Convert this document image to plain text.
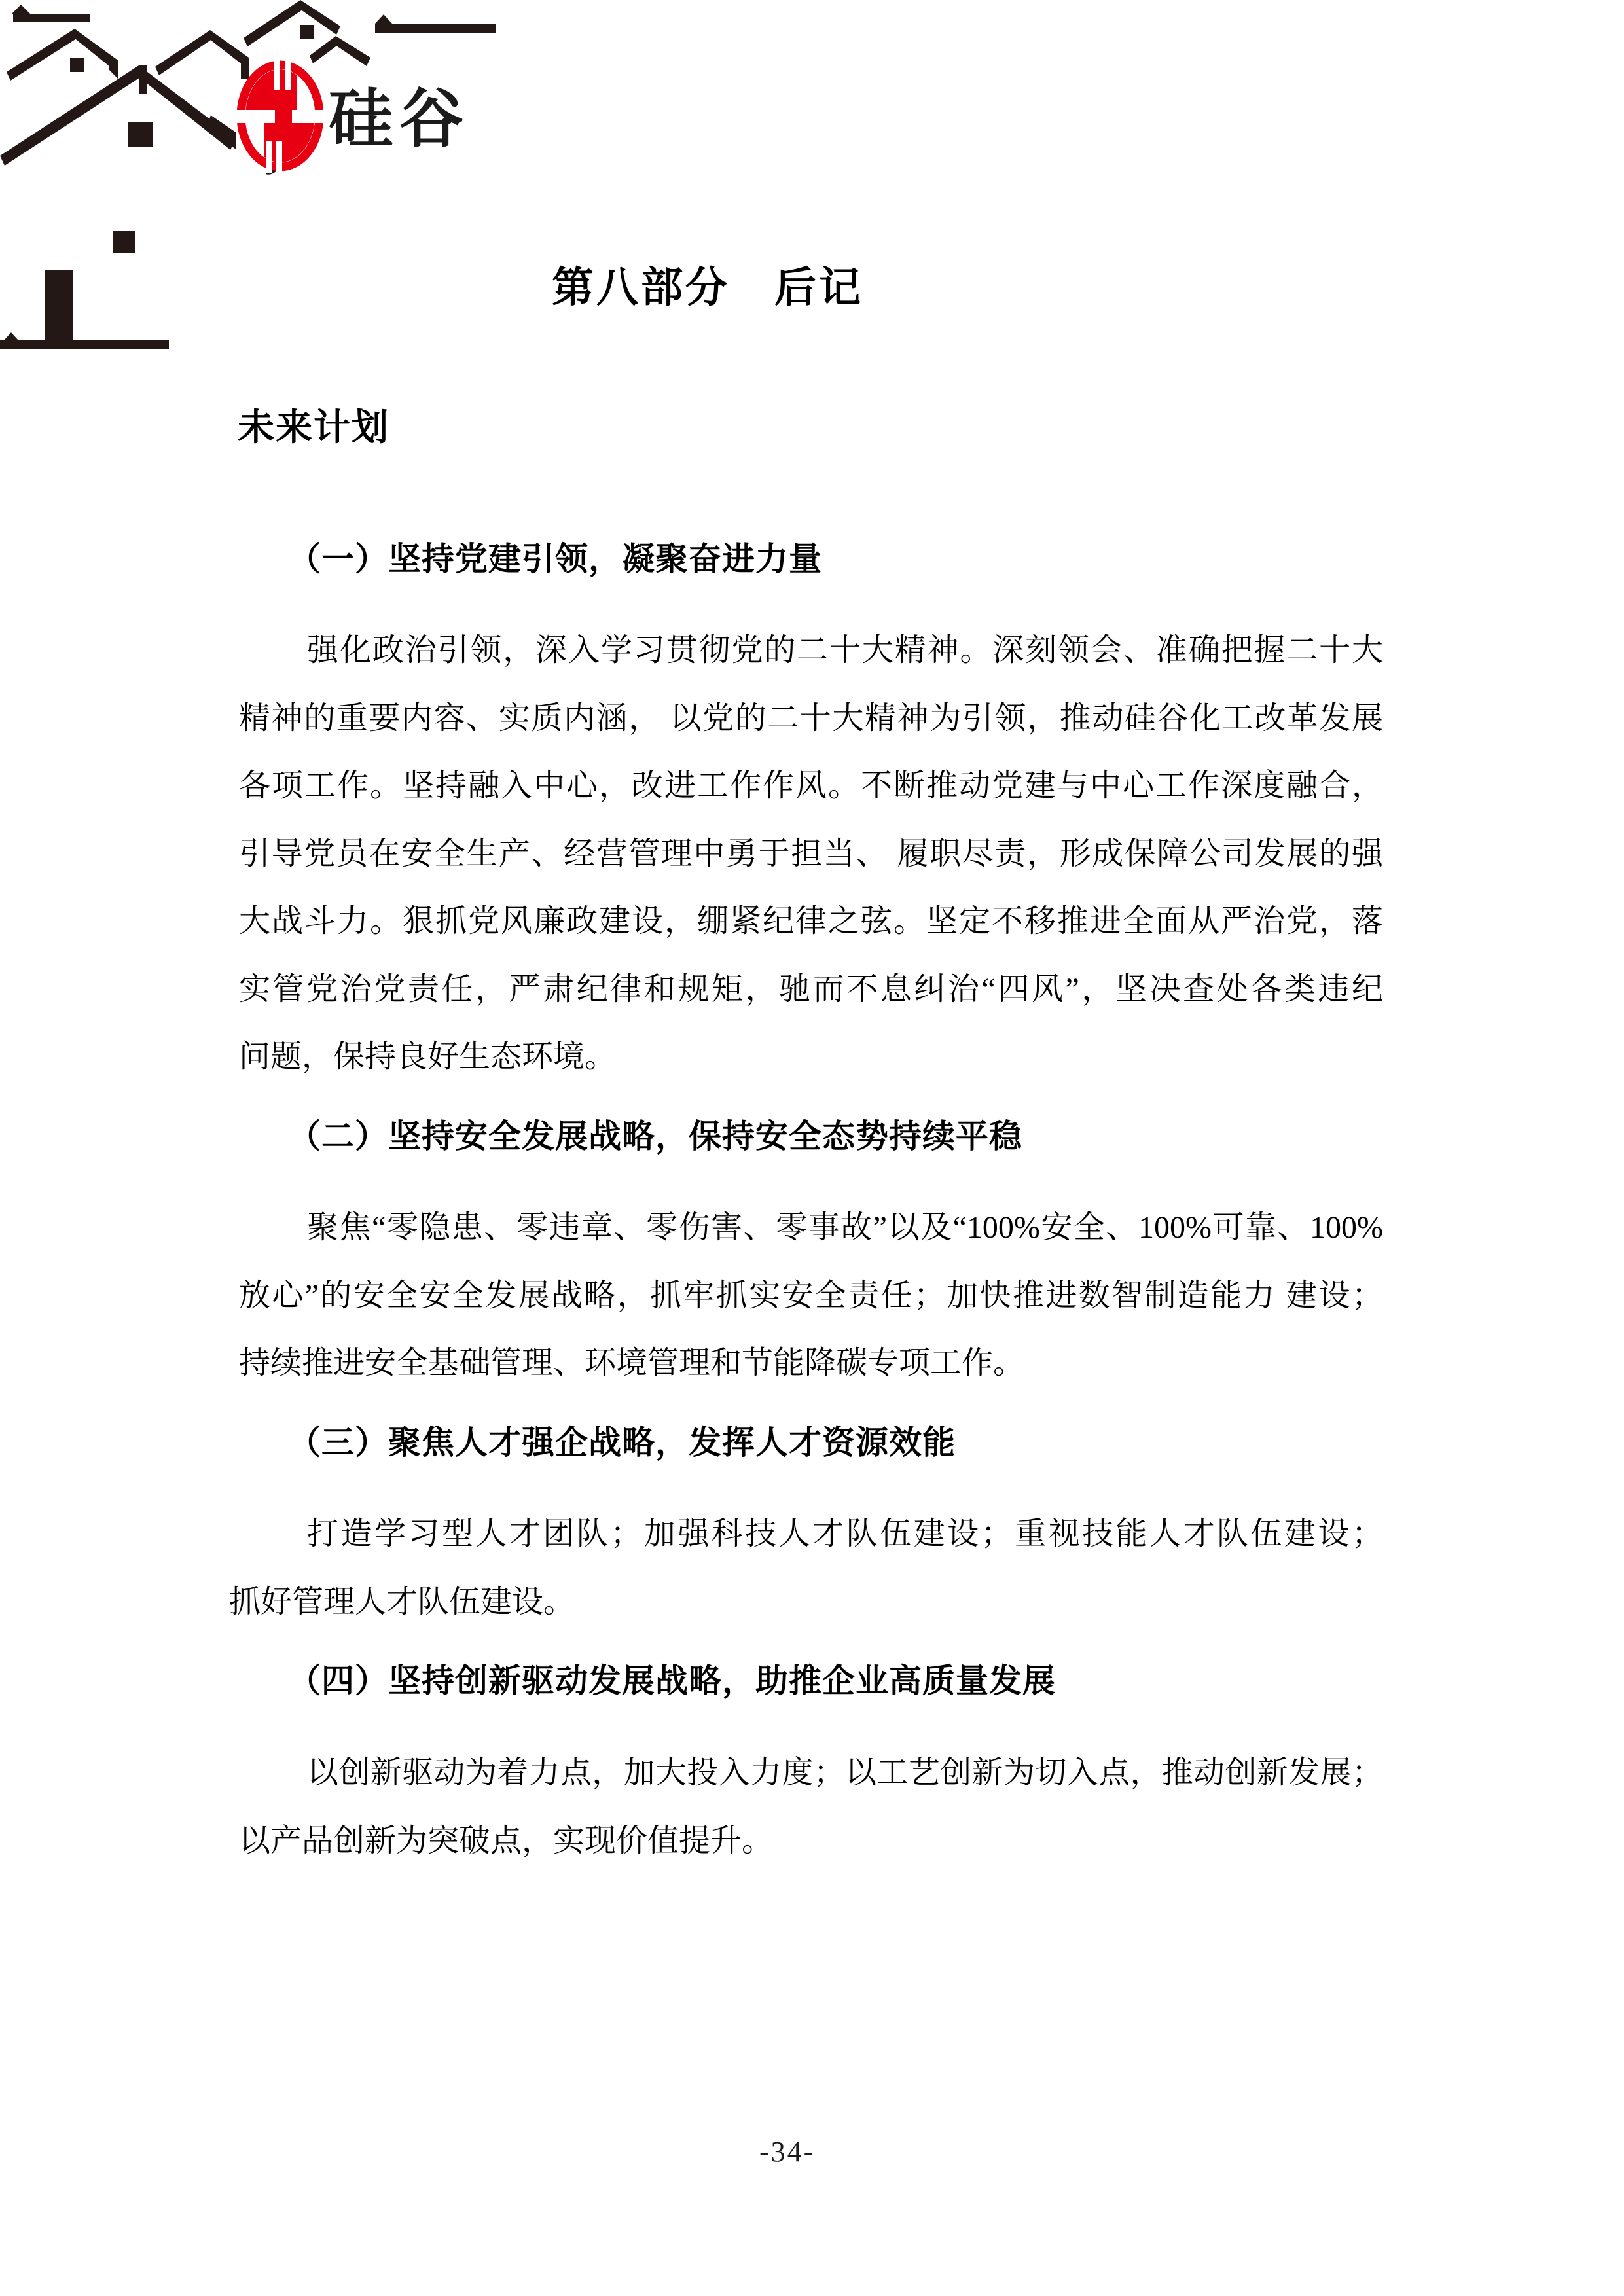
硅谷
第八部分　后记
未来计划
（一）坚持党建引领，凝聚奋进力量
强化政治引领，深入学习贯彻党的二十大精神。深刻领会、准确把握二十大
精神的重要内容、实质内涵， 以党的二十大精神为引领，推动硅谷化工改革发展
各项工作。坚持融入中心，改进工作作风。不断推动党建与中心工作深度融合，
引导党员在安全生产、经营管理中勇于担当、 履职尽责，形成保障公司发展的强
大战斗力。狠抓党风廉政建设，绷紧纪律之弦。坚定不移推进全面从严治党，落
实管党治党责任，严肃纪律和规矩，驰而不息纠治“四风”，坚决查处各类违纪
问题，保持良好生态环境。
（二）坚持安全发展战略，保持安全态势持续平稳
聚焦“零隐患、零违章、零伤害、零事故”以及“100%安全、100%可靠、100%
放心”的安全安全发展战略，抓牢抓实安全责任；加快推进数智制造能力 建设；
持续推进安全基础管理、环境管理和节能降碳专项工作。
（三）聚焦人才强企战略，发挥人才资源效能
打造学习型人才团队；加强科技人才队伍建设；重视技能人才队伍建设；
抓好管理人才队伍建设。
（四）坚持创新驱动发展战略，助推企业高质量发展
以创新驱动为着力点，加大投入力度；以工艺创新为切入点，推动创新发展；
以产品创新为突破点，实现价值提升。
-34-
